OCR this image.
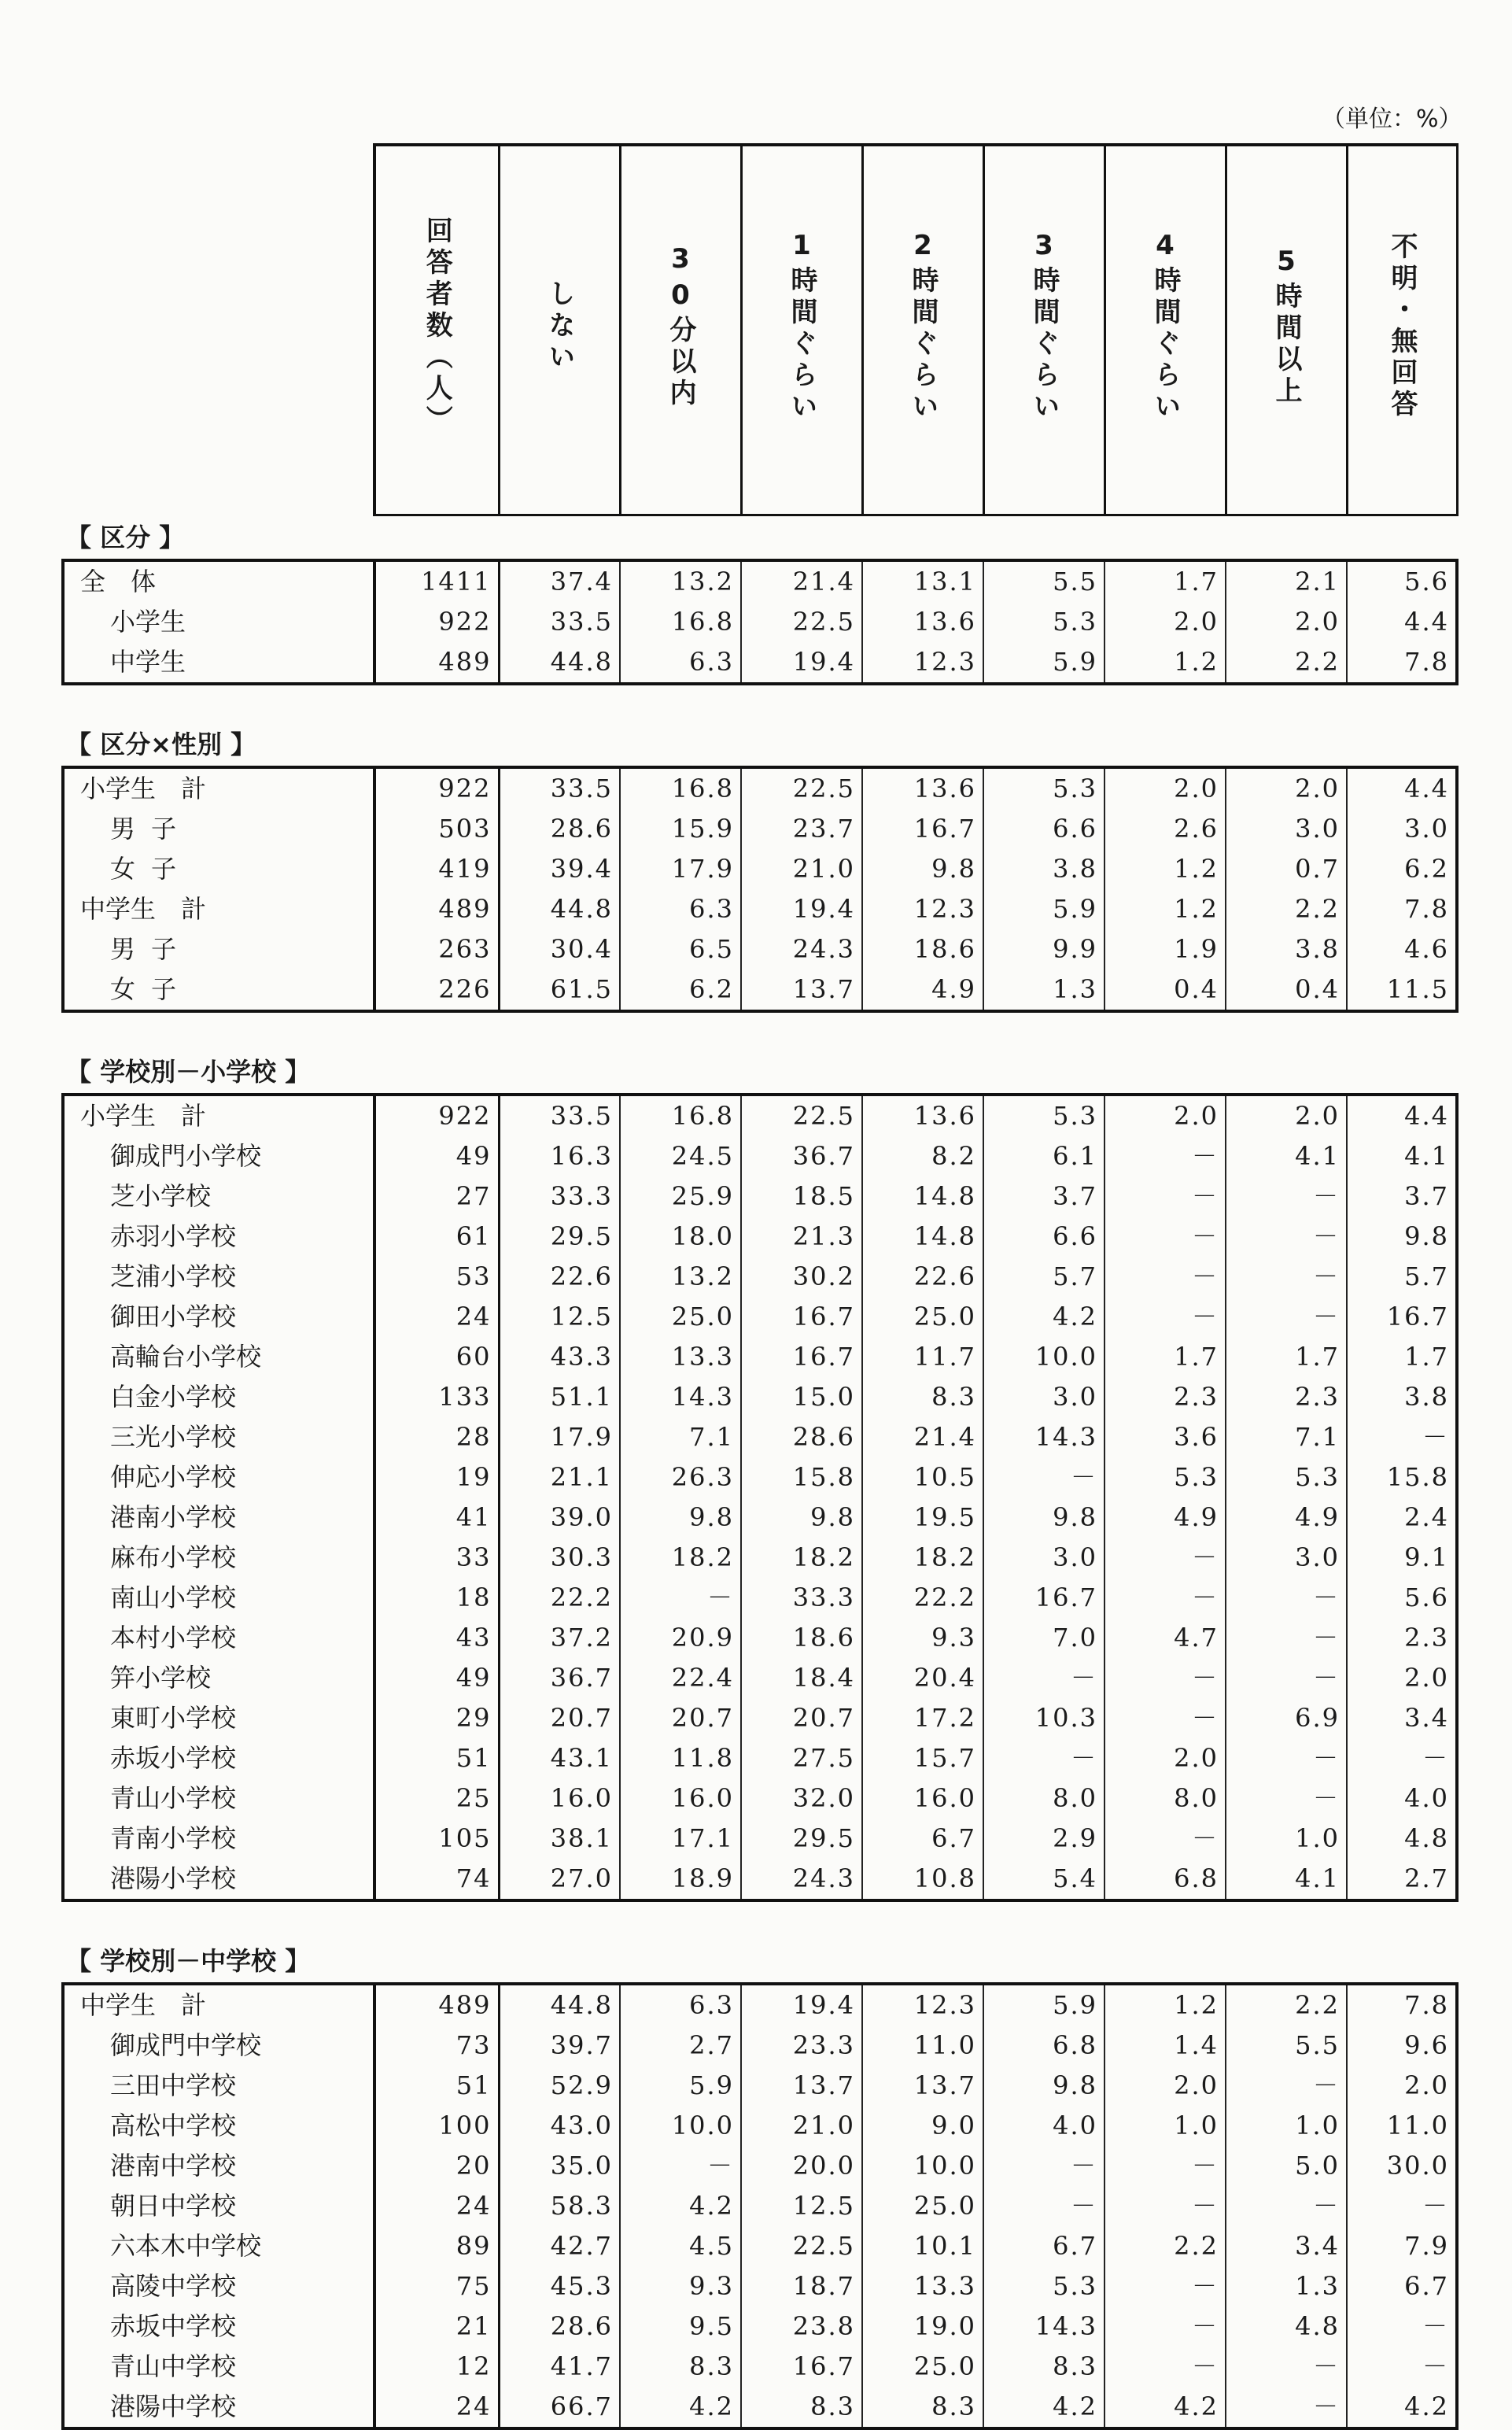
（単位：%）

	回答者数（人）	しない	30分以内	1時間ぐらい	2時間ぐらい	3時間ぐらい	4時間ぐらい	5時間以上	不明・無回答

【 区分 】									
全　体	1411	37.4	13.2	21.4	13.1	5.5	1.7	2.1	5.6
小学生	922	33.5	16.8	22.5	13.6	5.3	2.0	2.0	4.4
中学生	489	44.8	6.3	19.4	12.3	5.9	1.2	2.2	7.8

【 区分×性別 】									
小学生　計	922	33.5	16.8	22.5	13.6	5.3	2.0	2.0	4.4
男子	503	28.6	15.9	23.7	16.7	6.6	2.6	3.0	3.0
女子	419	39.4	17.9	21.0	9.8	3.8	1.2	0.7	6.2
中学生　計	489	44.8	6.3	19.4	12.3	5.9	1.2	2.2	7.8
男子	263	30.4	6.5	24.3	18.6	9.9	1.9	3.8	4.6
女子	226	61.5	6.2	13.7	4.9	1.3	0.4	0.4	11.5

【 学校別－小学校 】									
小学生　計	922	33.5	16.8	22.5	13.6	5.3	2.0	2.0	4.4
御成門小学校	49	16.3	24.5	36.7	8.2	6.1	－	4.1	4.1
芝小学校	27	33.3	25.9	18.5	14.8	3.7	－	－	3.7
赤羽小学校	61	29.5	18.0	21.3	14.8	6.6	－	－	9.8
芝浦小学校	53	22.6	13.2	30.2	22.6	5.7	－	－	5.7
御田小学校	24	12.5	25.0	16.7	25.0	4.2	－	－	16.7
高輪台小学校	60	43.3	13.3	16.7	11.7	10.0	1.7	1.7	1.7
白金小学校	133	51.1	14.3	15.0	8.3	3.0	2.3	2.3	3.8
三光小学校	28	17.9	7.1	28.6	21.4	14.3	3.6	7.1	－
伸応小学校	19	21.1	26.3	15.8	10.5	－	5.3	5.3	15.8
港南小学校	41	39.0	9.8	9.8	19.5	9.8	4.9	4.9	2.4
麻布小学校	33	30.3	18.2	18.2	18.2	3.0	－	3.0	9.1
南山小学校	18	22.2	－	33.3	22.2	16.7	－	－	5.6
本村小学校	43	37.2	20.9	18.6	9.3	7.0	4.7	－	2.3
笄小学校	49	36.7	22.4	18.4	20.4	－	－	－	2.0
東町小学校	29	20.7	20.7	20.7	17.2	10.3	－	6.9	3.4
赤坂小学校	51	43.1	11.8	27.5	15.7	－	2.0	－	－
青山小学校	25	16.0	16.0	32.0	16.0	8.0	8.0	－	4.0
青南小学校	105	38.1	17.1	29.5	6.7	2.9	－	1.0	4.8
港陽小学校	74	27.0	18.9	24.3	10.8	5.4	6.8	4.1	2.7

【 学校別－中学校 】									
中学生　計	489	44.8	6.3	19.4	12.3	5.9	1.2	2.2	7.8
御成門中学校	73	39.7	2.7	23.3	11.0	6.8	1.4	5.5	9.6
三田中学校	51	52.9	5.9	13.7	13.7	9.8	2.0	－	2.0
高松中学校	100	43.0	10.0	21.0	9.0	4.0	1.0	1.0	11.0
港南中学校	20	35.0	－	20.0	10.0	－	－	5.0	30.0
朝日中学校	24	58.3	4.2	12.5	25.0	－	－	－	－
六本木中学校	89	42.7	4.5	22.5	10.1	6.7	2.2	3.4	7.9
高陵中学校	75	45.3	9.3	18.7	13.3	5.3	－	1.3	6.7
赤坂中学校	21	28.6	9.5	23.8	19.0	14.3	－	4.8	－
青山中学校	12	41.7	8.3	16.7	25.0	8.3	－	－	－
港陽中学校	24	66.7	4.2	8.3	8.3	4.2	4.2	－	4.2
